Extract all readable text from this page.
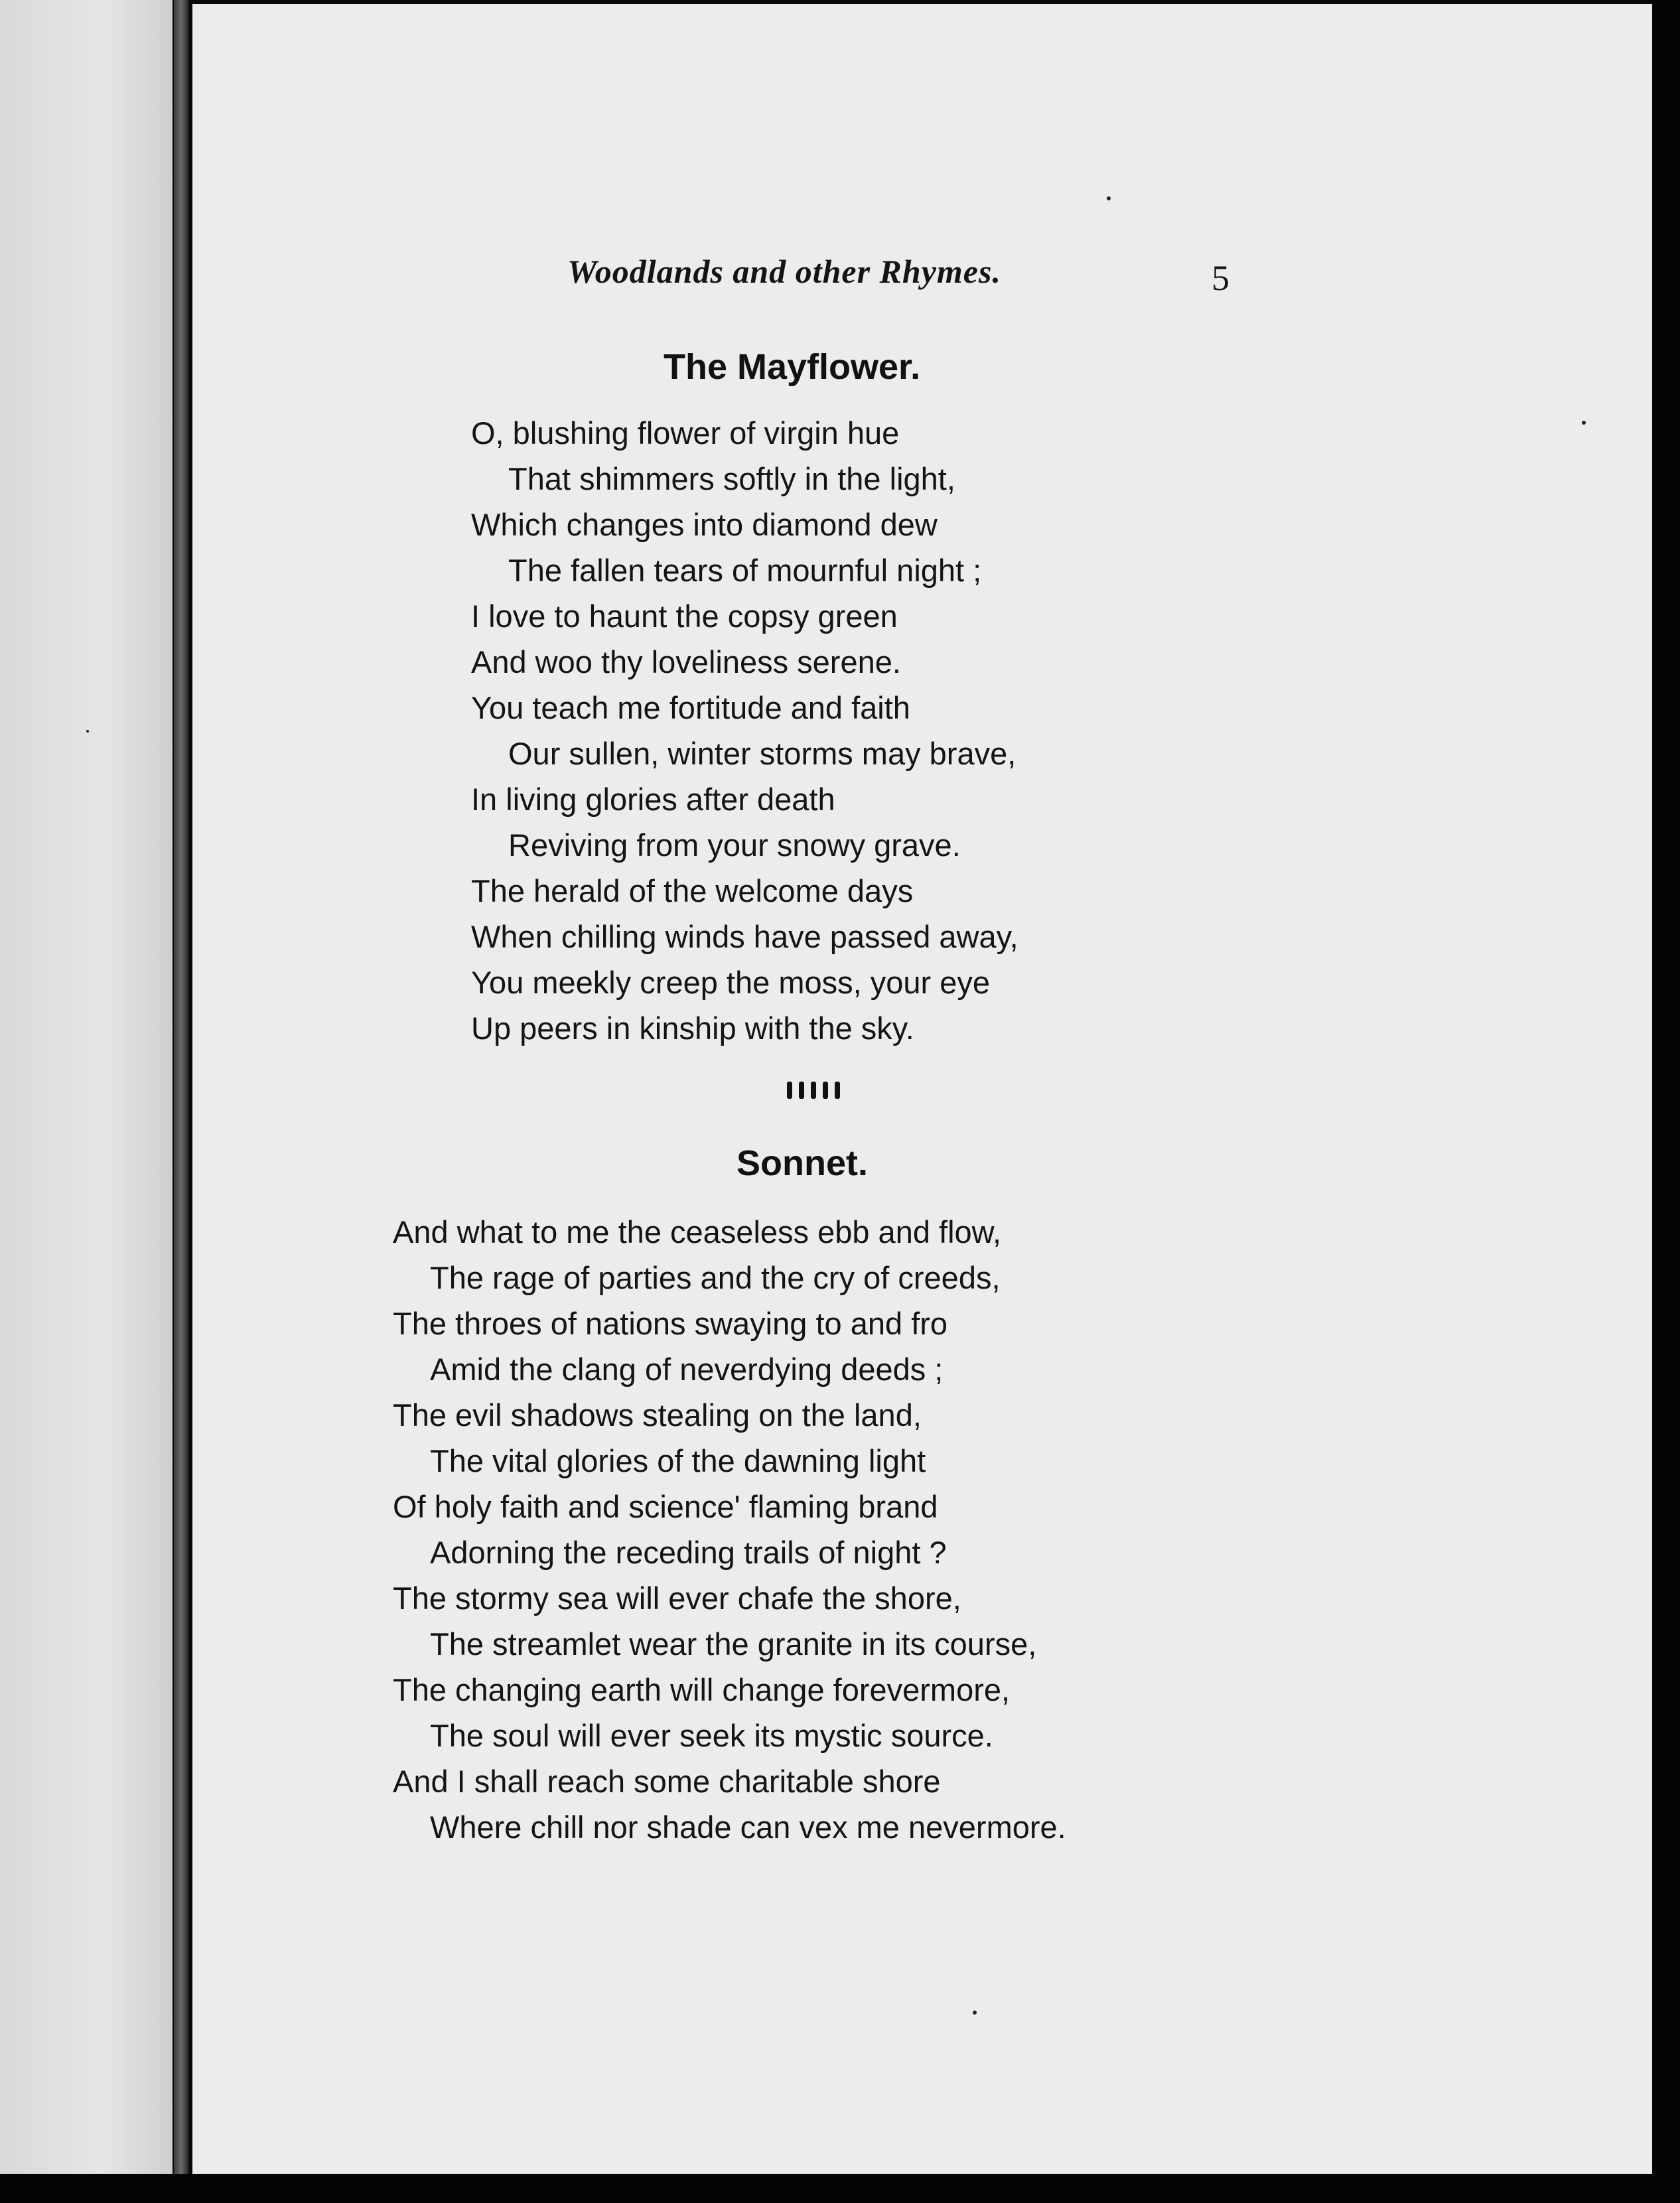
Woodlands and other Rhymes.	5
The Mayflower.
O, blushing flower of virgin hue
That shimmers softly in the light,
Which changes into diamond dew
The fallen tears of mournful night ;
I love to haunt the copsy green
And woo thy loveliness serene.
You teach me fortitude and faith
Our sullen, winter storms may brave,
In living glories after death
Reviving from your snowy grave.
The herald of the welcome days
When chilling winds have passed away,
You meekly creep the moss, your eye
Up peers in kinship with the sky.
Sonnet.
And what to me the ceaseless ebb and flow,
The rage of parties and the cry of creeds,
The throes of nations swaying to and fro
Amid the clang of neverdying deeds ;
The evil shadows stealing on the land,
The vital glories of the dawning light
Of holy faith and science' flaming brand
Adorning the receding trails of night ?
The stormy sea will ever chafe the shore,
The streamlet wear the granite in its course,
The changing earth will change forevermore,
The soul will ever seek its mystic source.
And I shall reach some charitable shore
Where chill nor shade can vex me nevermore.
